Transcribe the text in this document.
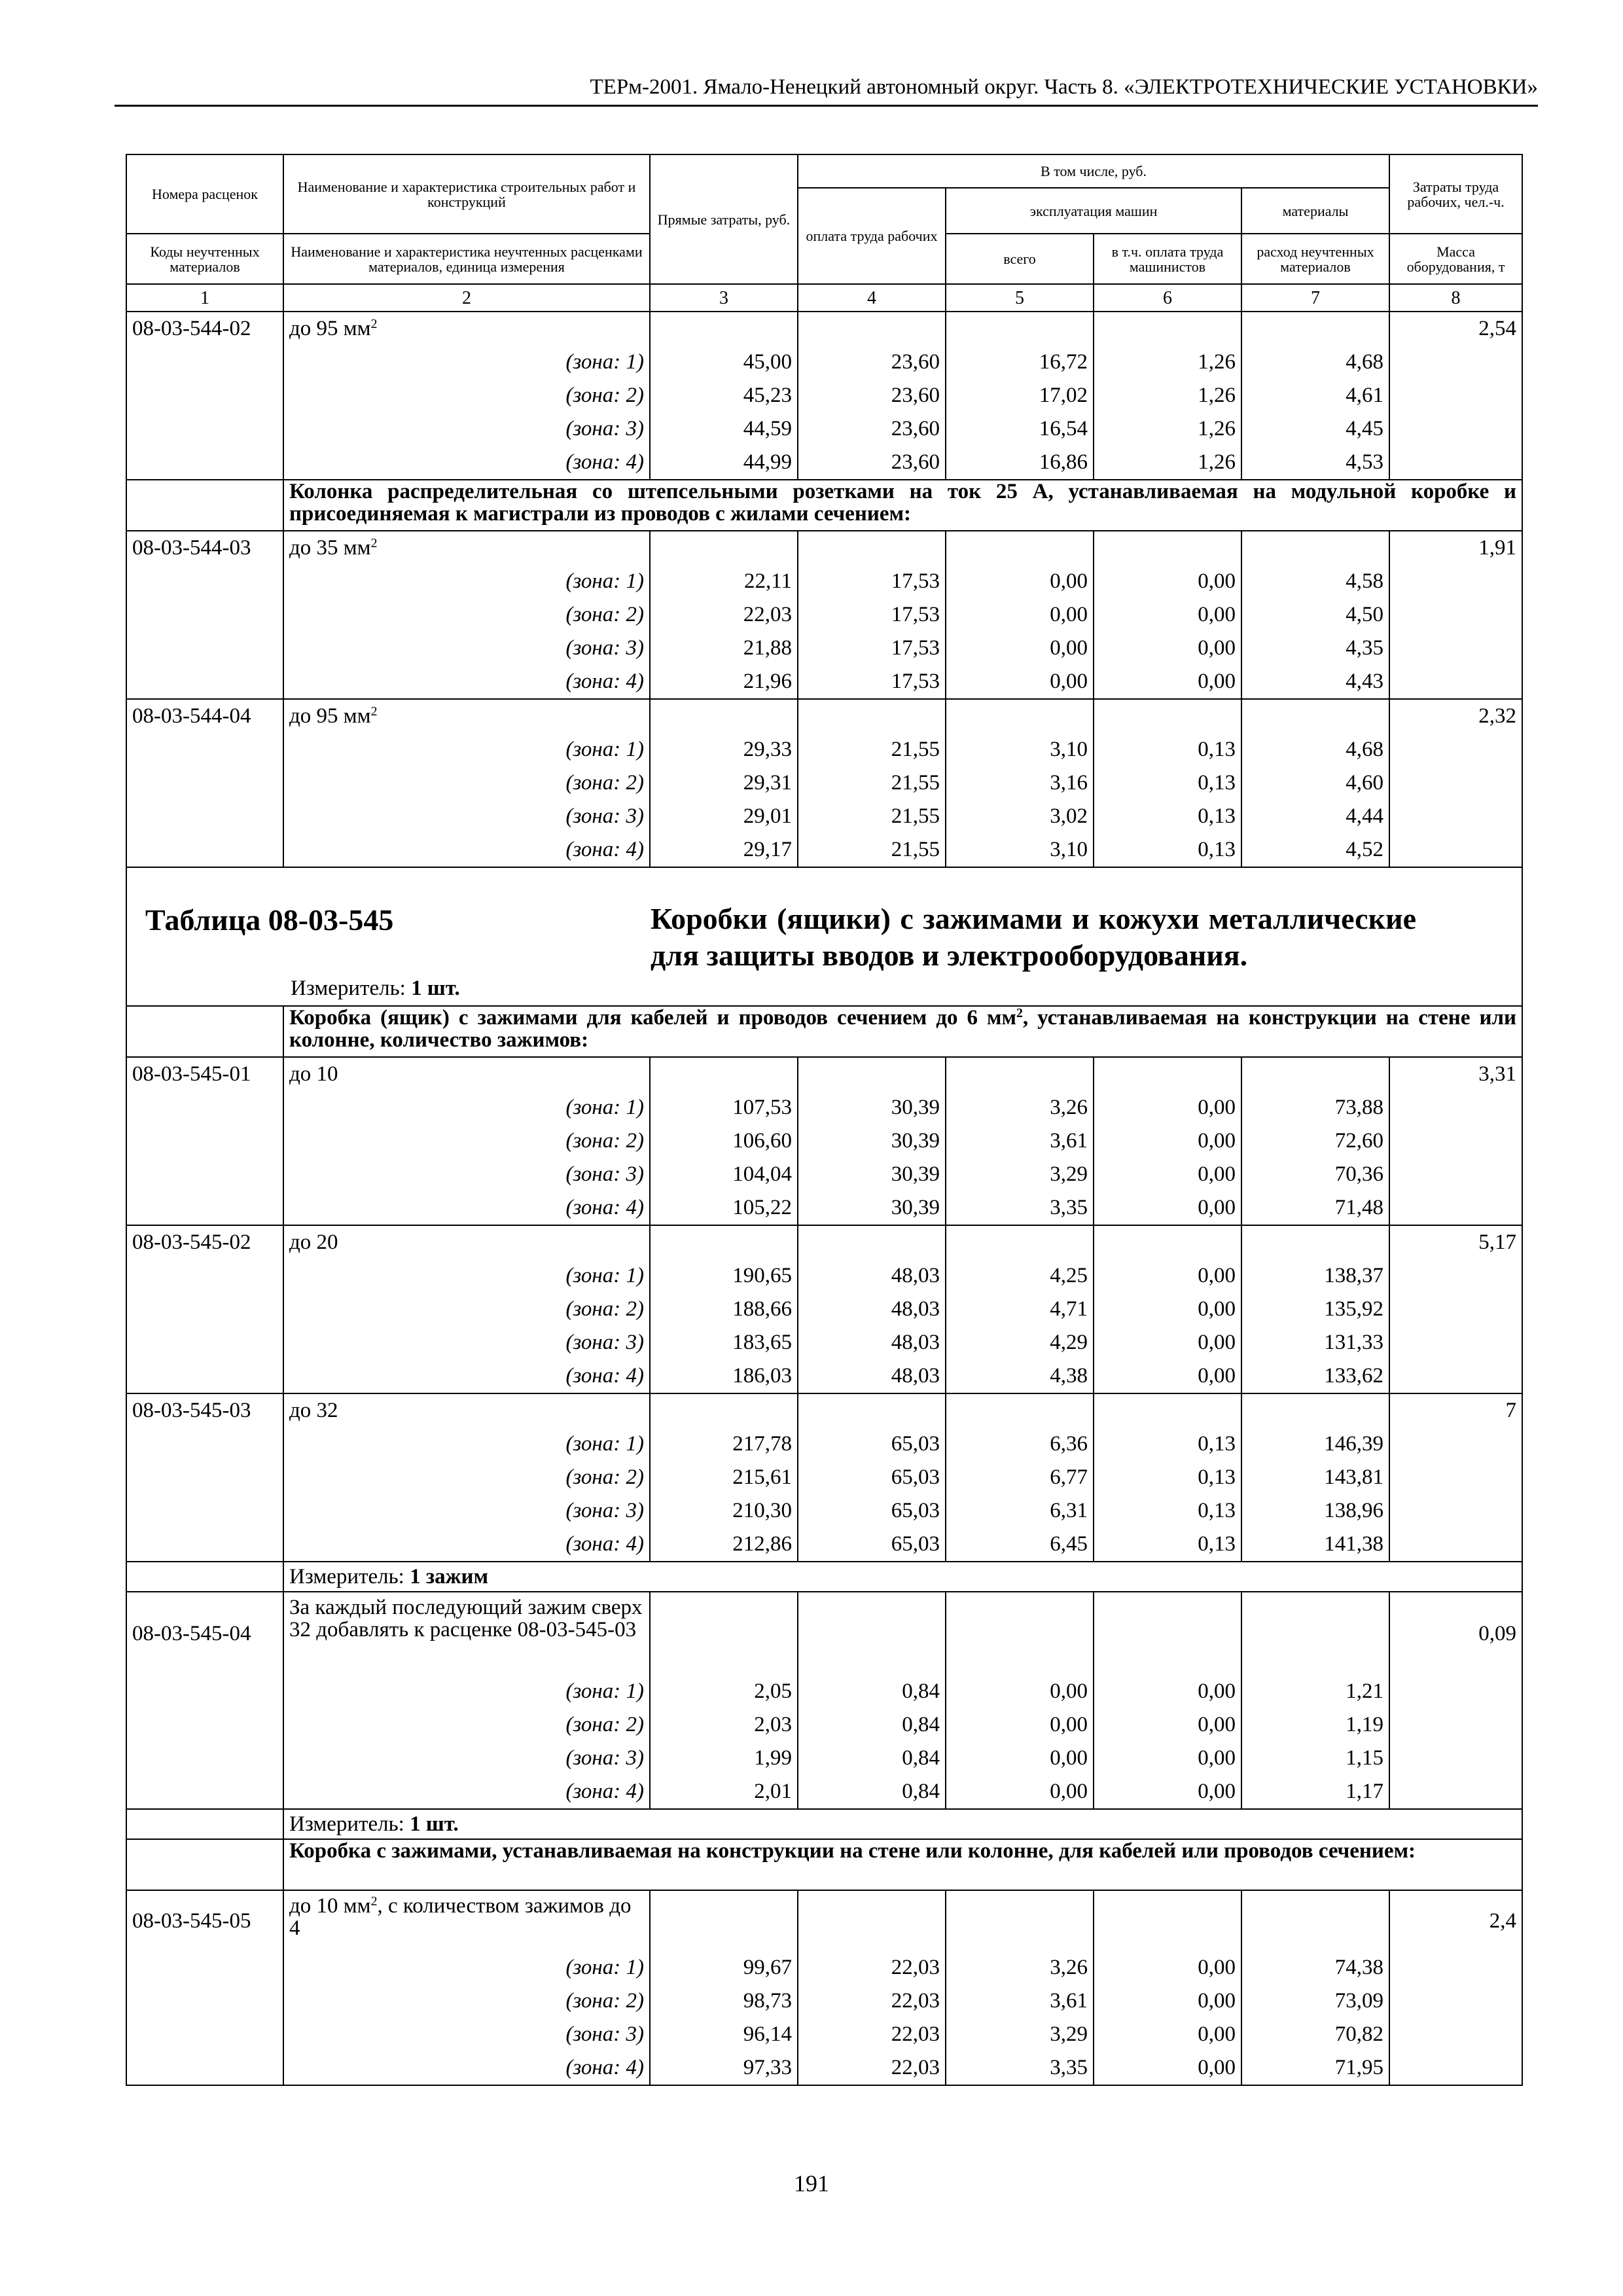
ТЕРм-2001. Ямало-Ненецкий автономный округ. Часть 8. «ЭЛЕКТРОТЕХНИЧЕСКИЕ УСТАНОВКИ»
Номера расценок	Наименование и характеристика строительных работ и конструкций	Прямые затраты, руб.	В том числе, руб.				Затраты труда рабочих, чел.-ч.
			оплата труда рабочих	эксплуатация машин		материалы	
Коды неучтенных материалов	Наименование и характеристика неучтенных расценками материалов, единица измерения			всего	в т.ч. оплата труда машинистов	расход неучтенных материалов	Масса оборудования, т
1	2	3	4	5	6	7	8
08-03-544-02	до 95 $мм^2$						2,54
	(зона: 1)	45,00	23,60	16,72	1,26	4,68	
	(зона: 2)	45,23	23,60	17,02	1,26	4,61	
	(зона: 3)	44,59	23,60	16,54	1,26	4,45	
	(зона: 4)	44,99	23,60	16,86	1,26	4,53	
	Колонка распределительная со штепсельными розетками на ток 25 А, устанавливаемая на модульной коробке и присоединяемая к магистрали из проводов с жилами сечением:						
08-03-544-03	до 35 $мм^2$						1,91
	(зона: 1)	22,11	17,53	0,00	0,00	4,58	
	(зона: 2)	22,03	17,53	0,00	0,00	4,50	
	(зона: 3)	21,88	17,53	0,00	0,00	4,35	
	(зона: 4)	21,96	17,53	0,00	0,00	4,43	
08-03-544-04	до 95 $мм^2$						2,32
	(зона: 1)	29,33	21,55	3,10	0,13	4,68	
	(зона: 2)	29,31	21,55	3,16	0,13	4,60	
	(зона: 3)	29,01	21,55	3,02	0,13	4,44	
	(зона: 4)	29,17	21,55	3,10	0,13	4,52	

Таблица 08-03-545 Коробки (ящики) с зажимами и кожухи металлические для защиты вводов и электрооборудования.
Измеритель: 1 шт.							

	Коробка (ящик) с зажимами для кабелей и проводов сечением до 6 $мм^2$, устанавливаемая на конструкции на стене или колонне, количество зажимов:						
08-03-545-01	до 10						3,31
	(зона: 1)	107,53	30,39	3,26	0,00	73,88	
	(зона: 2)	106,60	30,39	3,61	0,00	72,60	
	(зона: 3)	104,04	30,39	3,29	0,00	70,36	
	(зона: 4)	105,22	30,39	3,35	0,00	71,48	
08-03-545-02	до 20						5,17
	(зона: 1)	190,65	48,03	4,25	0,00	138,37	
	(зона: 2)	188,66	48,03	4,71	0,00	135,92	
	(зона: 3)	183,65	48,03	4,29	0,00	131,33	
	(зона: 4)	186,03	48,03	4,38	0,00	133,62	
08-03-545-03	до 32						7
	(зона: 1)	217,78	65,03	6,36	0,13	146,39	
	(зона: 2)	215,61	65,03	6,77	0,13	143,81	
	(зона: 3)	210,30	65,03	6,31	0,13	138,96	
	(зона: 4)	212,86	65,03	6,45	0,13	141,38	
	Измеритель: 1 зажим						
08-03-545-04	За каждый последующий зажим сверх 32 добавлять к расценке 08-03-545-03						0,09
	(зона: 1)	2,05	0,84	0,00	0,00	1,21	
	(зона: 2)	2,03	0,84	0,00	0,00	1,19	
	(зона: 3)	1,99	0,84	0,00	0,00	1,15	
	(зона: 4)	2,01	0,84	0,00	0,00	1,17	
	Измеритель: 1 шт.						
	Коробка с зажимами, устанавливаемая на конструкции на стене или колонне, для кабелей или проводов сечением:						
08-03-545-05	до 10 $мм^2$, с количеством зажимов до 4						2,4
	(зона: 1)	99,67	22,03	3,26	0,00	74,38	
	(зона: 2)	98,73	22,03	3,61	0,00	73,09	
	(зона: 3)	96,14	22,03	3,29	0,00	70,82	
	(зона: 4)	97,33	22,03	3,35	0,00	71,95	
191
